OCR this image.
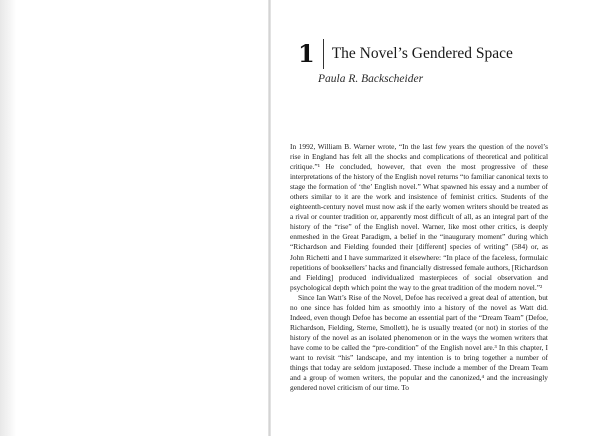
1	The Novel’s Gendered Space
Paula R. Backscheider

In 1992, William B. Warner wrote, “In the last few years the question of the novel’s rise in England has felt all the shocks and complications of theoretical and political critique.”¹ He concluded, however, that even the most progressive of these interpretations of the history of the English novel returns “to familiar canonical texts to stage the formation of ‘the’ English novel.” What spawned his essay and a number of others similar to it are the work and insistence of feminist critics. Students of the eighteenth-century novel must now ask if the early women writers should be treated as a rival or counter tradition or, apparently most difficult of all, as an integral part of the history of the “rise” of the English novel. Warner, like most other critics, is deeply enmeshed in the Great Paradigm, a belief in the “inaugurary moment” during which “Richardson and Fielding founded their [different] species of writing” (584) or, as John Richetti and I have summarized it elsewhere: “In place of the faceless, formulaic repetitions of booksellers’ hacks and financially distressed female authors, [Richardson and Fielding] produced individualized masterpieces of social observation and psychological depth which point the way to the great tradition of the modern novel.”²

Since Ian Watt’s Rise of the Novel, Defoe has received a great deal of attention, but no one since has folded him as smoothly into a history of the novel as Watt did. Indeed, even though Defoe has become an essential part of the “Dream Team” (Defoe, Richardson, Fielding, Sterne, Smollett), he is usually treated (or not) in stories of the history of the novel as an isolated phenomenon or in the ways the women writers that have come to be called the “pre-condition” of the English novel are.³ In this chapter, I want to revisit “his” landscape, and my intention is to bring together a number of things that today are seldom juxtaposed. These include a member of the Dream Team and a group of women writers, the popular and the canonized,⁴ and the increasingly gendered novel criticism of our time. To
